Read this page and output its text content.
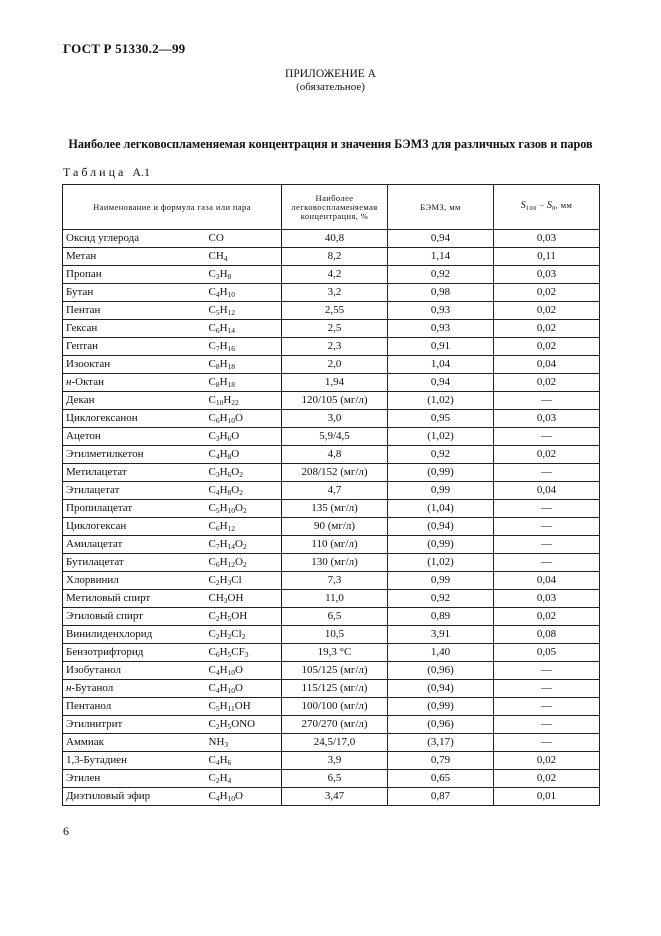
ГОСТ Р 51330.2—99
ПРИЛОЖЕНИЕ А
(обязательное)
Наиболее легковоспламеняемая концентрация и значения БЭМЗ для различных газов и паров
Таблица А.1
Наименование и формула газа или пара		Наиболее легковоспламеняемая концентрация, %	БЭМЗ, мм	$S_{100} - S_0$, мм
Оксид углерода	CO	40,8	0,94	0,03
Метан	$CH_4$	8,2	1,14	0,11
Пропан	$C_3H_8$	4,2	0,92	0,03
Бутан	$C_4H_{10}$	3,2	0,98	0,02
Пентан	$C_5H_{12}$	2,55	0,93	0,02
Гексан	$C_6H_{14}$	2,5	0,93	0,02
Гептан	$C_7H_{16}$	2,3	0,91	0,02
Изооктан	$C_8H_{18}$	2,0	1,04	0,04
н-Октан	$C_8H_{18}$	1,94	0,94	0,02
Декан	$C_{10}H_{22}$	120/105 (мг/л)	(1,02)	—
Циклогексанон	$C_6H_{10}O$	3,0	0,95	0,03
Ацетон	$C_3H_6O$	5,9/4,5	(1,02)	—
Этилметилкетон	$C_4H_8O$	4,8	0,92	0,02
Метилацетат	$C_3H_6O_2$	208/152 (мг/л)	(0,99)	—
Этилацетат	$C_4H_8O_2$	4,7	0,99	0,04
Пропилацетат	$C_5H_{10}O_2$	135 (мг/л)	(1,04)	—
Циклогексан	$C_6H_{12}$	90 (мг/л)	(0,94)	—
Амилацетат	$C_7H_{14}O_2$	110 (мг/л)	(0,99)	—
Бутилацетат	$C_6H_{12}O_2$	130 (мг/л)	(1,02)	—
Хлорвинил	$C_2H_3Cl$	7,3	0,99	0,04
Метиловый спирт	$CH_3OH$	11,0	0,92	0,03
Этиловый спирт	$C_2H_5OH$	6,5	0,89	0,02
Винилиденхлорид	$C_2H_2Cl_2$	10,5	3,91	0,08
Бензотрифторид	$C_6H_5CF_3$	19,3 °C	1,40	0,05
Изобутанол	$C_4H_{10}O$	105/125 (мг/л)	(0,96)	—
н-Бутанол	$C_4H_{10}O$	115/125 (мг/л)	(0,94)	—
Пентанол	$C_5H_{11}OH$	100/100 (мг/л)	(0,99)	—
Этилнитрит	$C_2H_5ONO$	270/270 (мг/л)	(0,96)	—
Аммиак	$NH_3$	24,5/17,0	(3,17)	—
1,3-Бутадиен	$C_4H_6$	3,9	0,79	0,02
Этилен	$C_2H_4$	6,5	0,65	0,02
Диэтиловый эфир	$C_4H_{10}O$	3,47	0,87	0,01
6
